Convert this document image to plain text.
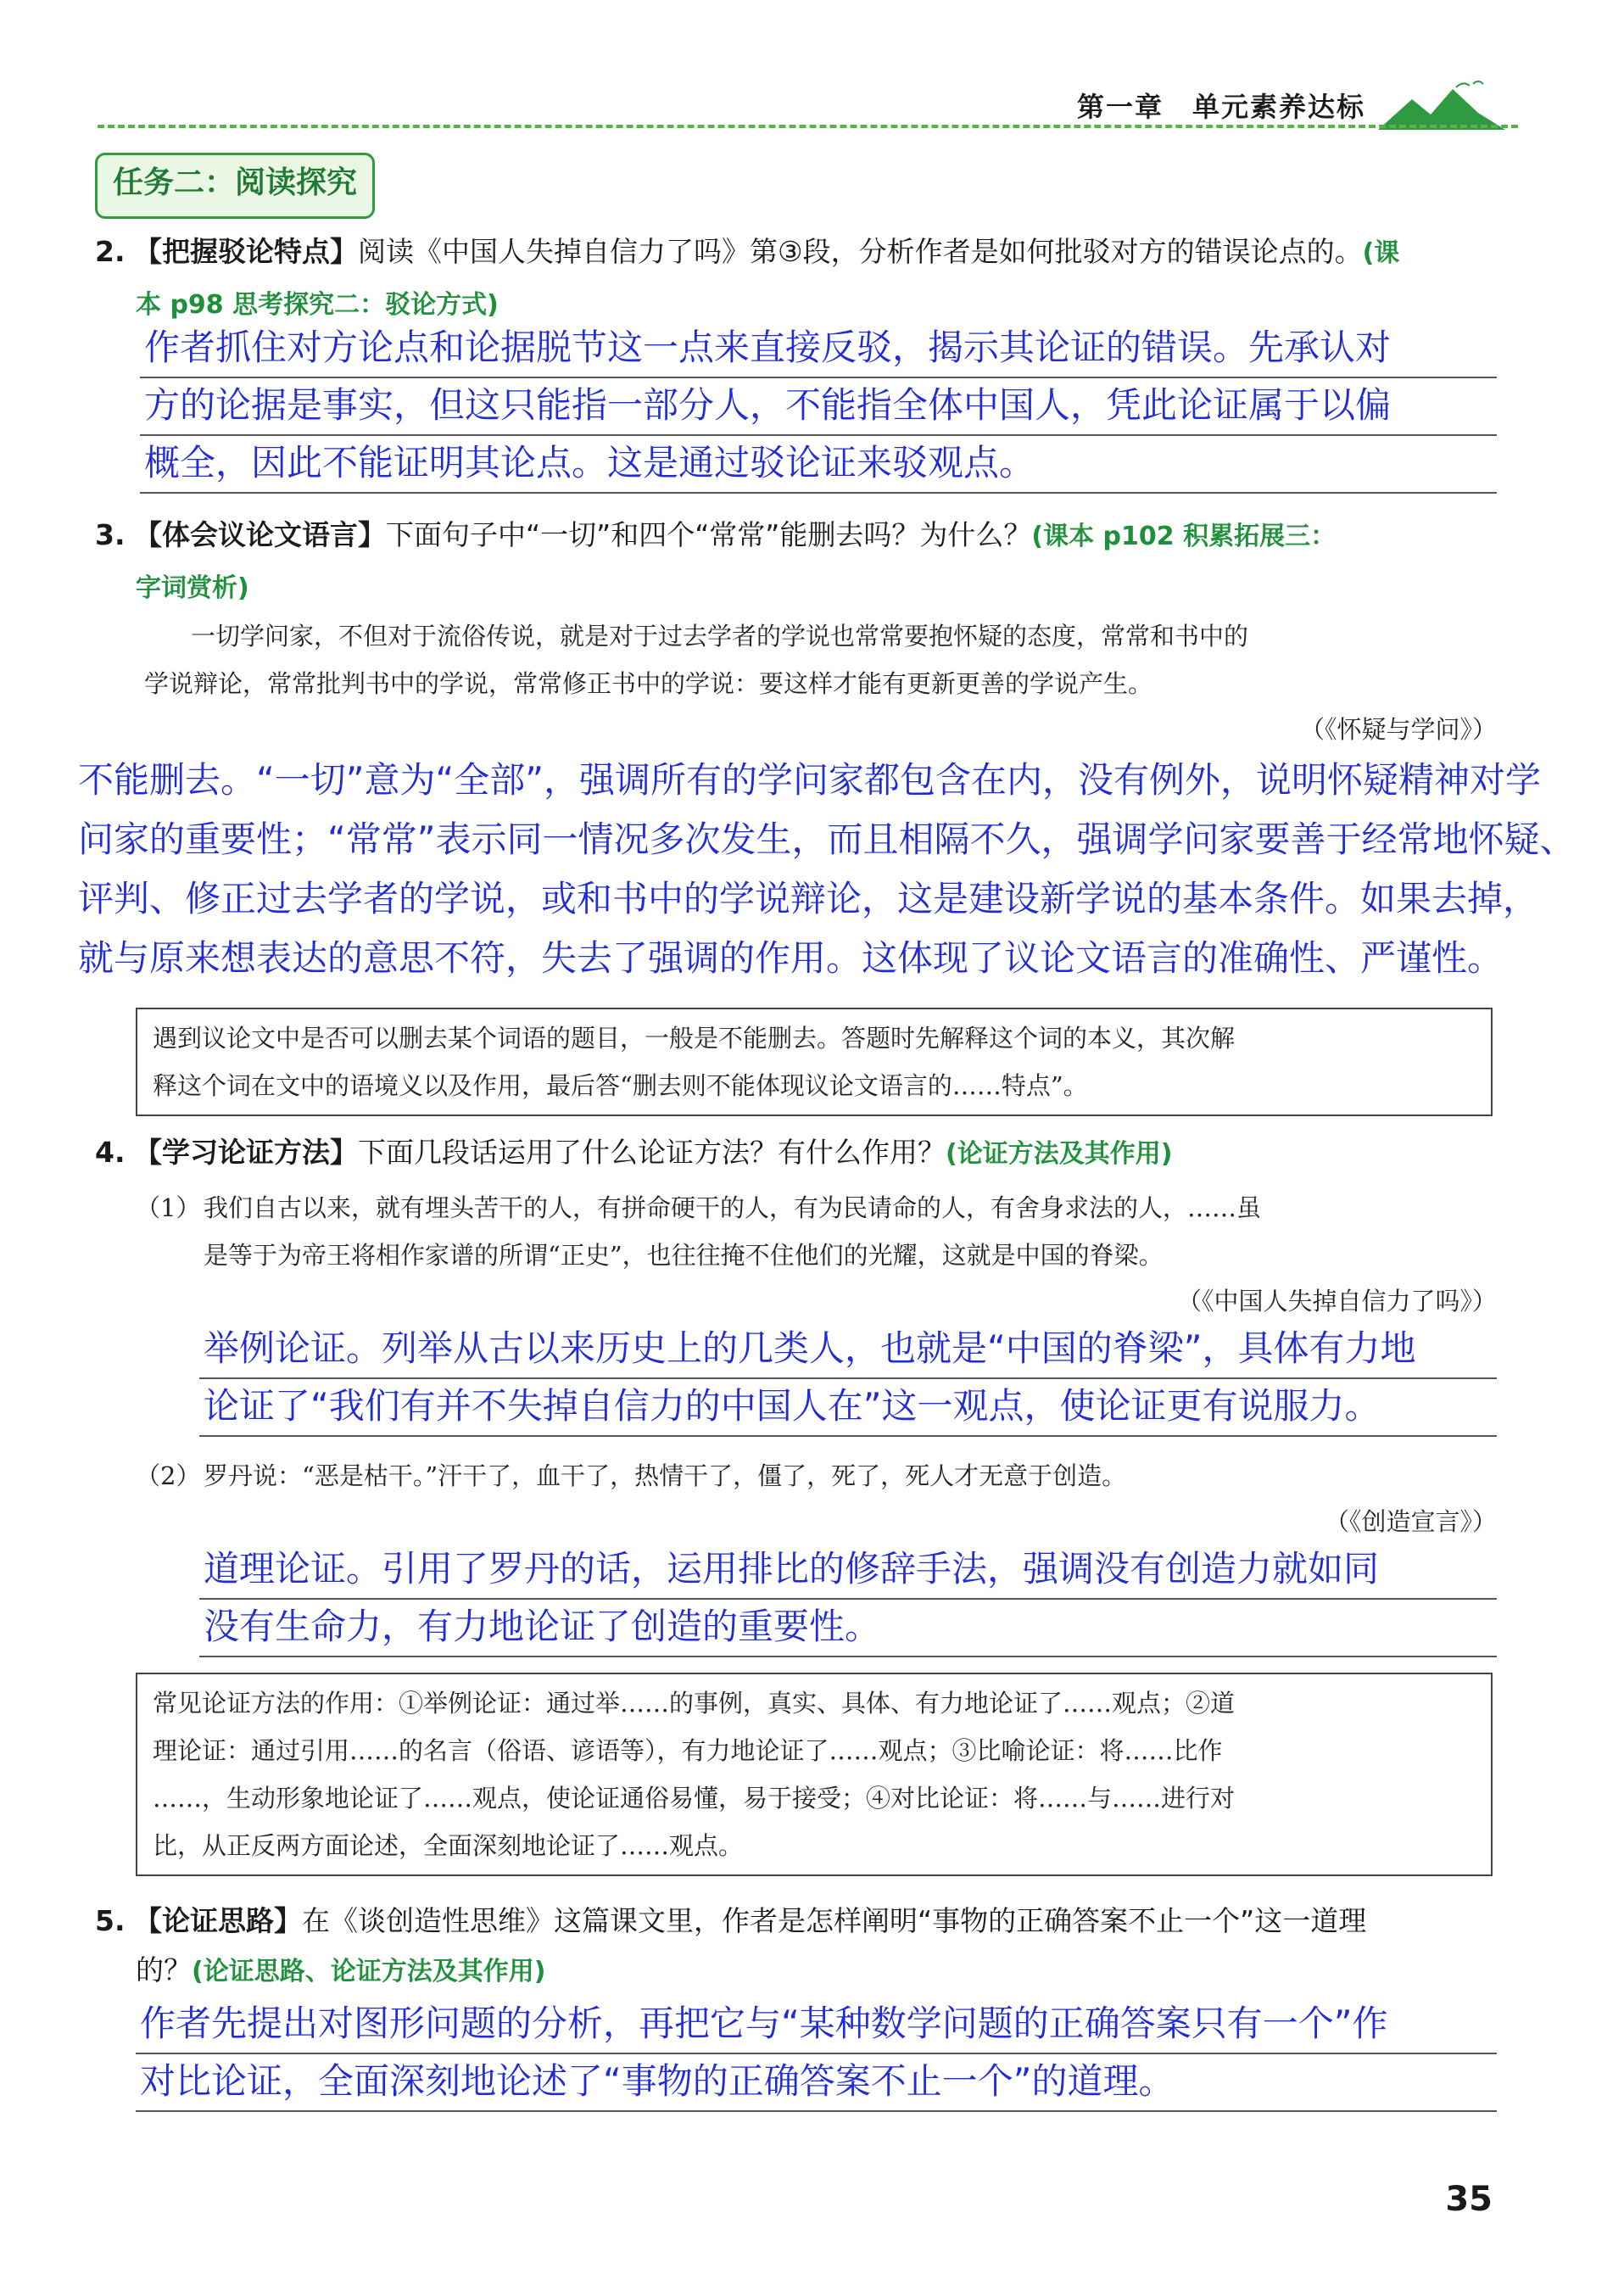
第一章　单元素养达标
任务二：阅读探究
2. 【把握驳论特点】阅读《中国人失掉自信力了吗》第③段，分析作者是如何批驳对方的错误论点的。(课
本 p98 思考探究二：驳论方式)
作者抓住对方论点和论据脱节这一点来直接反驳，揭示其论证的错误。先承认对
方的论据是事实，但这只能指一部分人，不能指全体中国人，凭此论证属于以偏
概全，因此不能证明其论点。这是通过驳论证来驳观点。
3. 【体会议论文语言】下面句子中“一切”和四个“常常”能删去吗？为什么？(课本 p102 积累拓展三：
字词赏析)
一切学问家，不但对于流俗传说，就是对于过去学者的学说也常常要抱怀疑的态度，常常和书中的
学说辩论，常常批判书中的学说，常常修正书中的学说：要这样才能有更新更善的学说产生。
（《怀疑与学问》）
不能删去。“一切”意为“全部”，强调所有的学问家都包含在内，没有例外，说明怀疑精神对学
问家的重要性；“常常”表示同一情况多次发生，而且相隔不久，强调学问家要善于经常地怀疑、
评判、修正过去学者的学说，或和书中的学说辩论，这是建设新学说的基本条件。如果去掉，
就与原来想表达的意思不符，失去了强调的作用。这体现了议论文语言的准确性、严谨性。
遇到议论文中是否可以删去某个词语的题目，一般是不能删去。答题时先解释这个词的本义，其次解
释这个词在文中的语境义以及作用，最后答“删去则不能体现议论文语言的……特点”。
4. 【学习论证方法】下面几段话运用了什么论证方法？有什么作用？(论证方法及其作用)
（1） 我们自古以来，就有埋头苦干的人，有拼命硬干的人，有为民请命的人，有舍身求法的人，……虽
是等于为帝王将相作家谱的所谓“正史”，也往往掩不住他们的光耀，这就是中国的脊梁。
（《中国人失掉自信力了吗》）
举例论证。列举从古以来历史上的几类人，也就是“中国的脊梁”，具体有力地
论证了“我们有并不失掉自信力的中国人在”这一观点，使论证更有说服力。
（2） 罗丹说：“恶是枯干。”汗干了，血干了，热情干了，僵了，死了，死人才无意于创造。
（《创造宣言》）
道理论证。引用了罗丹的话，运用排比的修辞手法，强调没有创造力就如同
没有生命力，有力地论证了创造的重要性。
常见论证方法的作用：①举例论证：通过举……的事例，真实、具体、有力地论证了……观点；②道
理论证：通过引用……的名言（俗语、谚语等），有力地论证了……观点；③比喻论证：将……比作
……，生动形象地论证了……观点，使论证通俗易懂，易于接受；④对比论证：将……与……进行对
比，从正反两方面论述，全面深刻地论证了……观点。
5. 【论证思路】在《谈创造性思维》这篇课文里，作者是怎样阐明“事物的正确答案不止一个”这一道理
的？(论证思路、论证方法及其作用)
作者先提出对图形问题的分析，再把它与“某种数学问题的正确答案只有一个”作
对比论证，全面深刻地论述了“事物的正确答案不止一个”的道理。
35
